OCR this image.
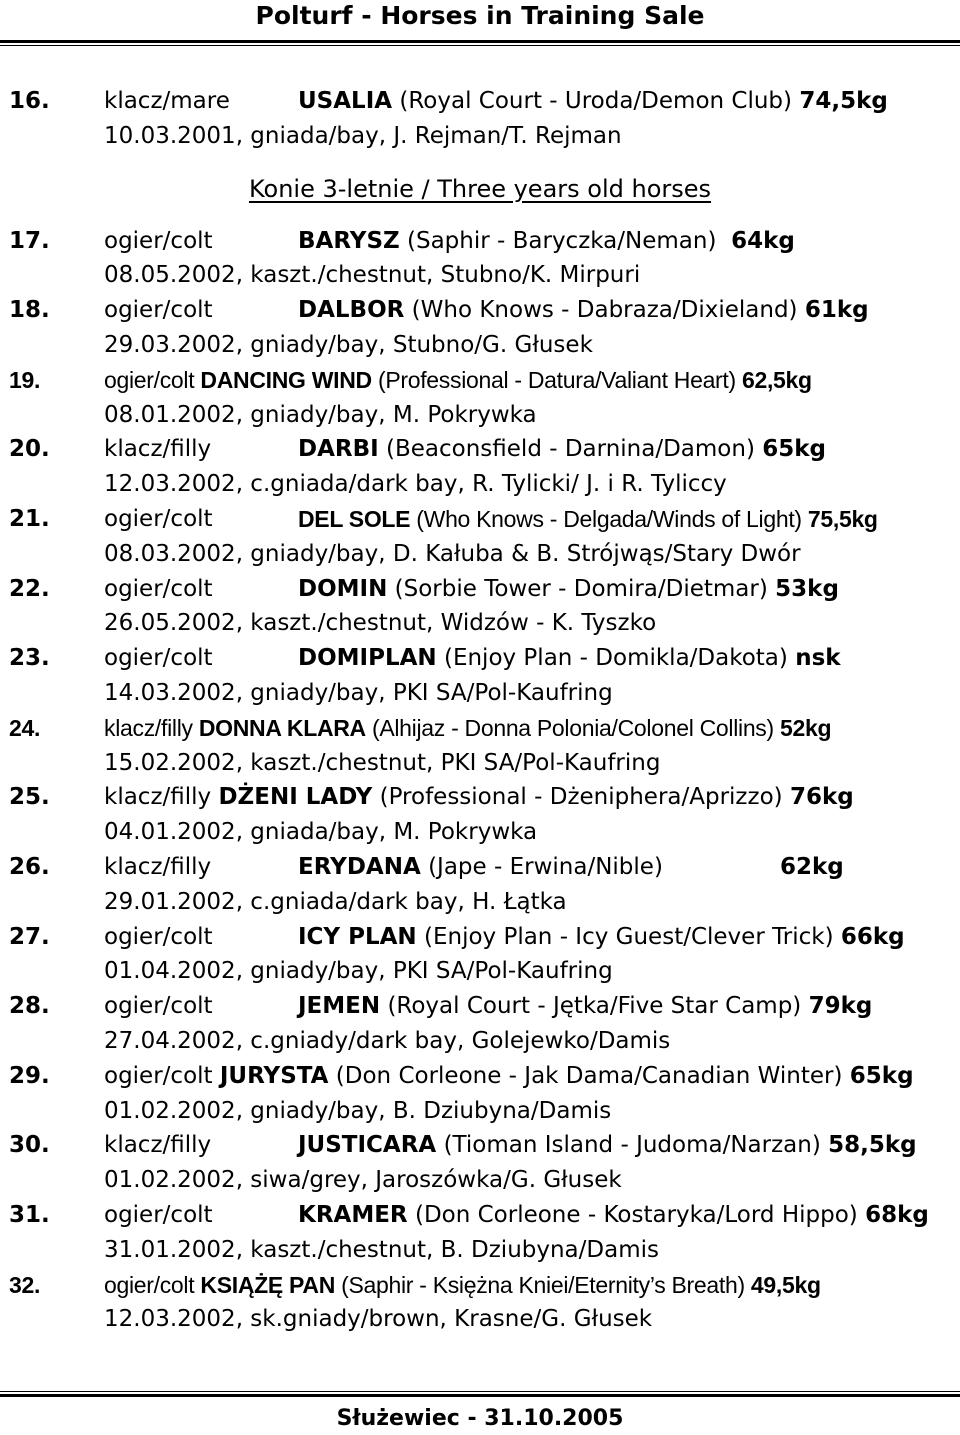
Polturf - Horses in Training Sale
16. klacz/mare	USALIA (Royal Court - Uroda/Demon Club) 74,5kg
10.03.2001, gniada/bay, J. Rejman/T. Rejman
Konie 3-letnie / Three years old horses
17. ogier/colt	BARYSZ (Saphir - Baryczka/Neman) 64kg
08.05.2002, kaszt./chestnut, Stubno/K. Mirpuri
18. ogier/colt	DALBOR (Who Knows - Dabraza/Dixieland) 61kg
29.03.2002, gniady/bay, Stubno/G. Głusek
19.	ogier/colt DANCING WIND (Professional - Datura/Valiant Heart) 62,5kg
08.01.2002, gniady/bay, M. Pokrywka
20. klacz/filly	DARBI (Beaconsfield - Darnina/Damon) 65kg
12.03.2002, c.gniada/dark bay, R. Tylicki/ J. i R. Tyliccy
21. ogier/colt	DEL SOLE (Who Knows - Delgada/Winds of Light) 75,5kg
08.03.2002, gniady/bay, D. Kałuba & B. Strójwąs/Stary Dwór
22. ogier/colt	DOMIN (Sorbie Tower - Domira/Dietmar) 53kg
26.05.2002, kaszt./chestnut, Widzów - K. Tyszko
23. ogier/colt	DOMIPLAN (Enjoy Plan - Domikla/Dakota) nsk
14.03.2002, gniady/bay, PKI SA/Pol-Kaufring
24.	klacz/filly DONNA KLARA (Alhijaz - Donna Polonia/Colonel Collins) 52kg
15.02.2002, kaszt./chestnut, PKI SA/Pol-Kaufring
25. klacz/filly DŻENI LADY (Professional - Dżeniphera/Aprizzo) 76kg
04.01.2002, gniada/bay, M. Pokrywka
26. klacz/filly	ERYDANA (Jape - Erwina/Nible)	62kg
29.01.2002, c.gniada/dark bay, H. Łątka
27. ogier/colt	ICY PLAN (Enjoy Plan - Icy Guest/Clever Trick) 66kg
01.04.2002, gniady/bay, PKI SA/Pol-Kaufring
28. ogier/colt	JEMEN (Royal Court - Jętka/Five Star Camp) 79kg
27.04.2002, c.gniady/dark bay, Golejewko/Damis
29. ogier/colt JURYSTA (Don Corleone - Jak Dama/Canadian Winter) 65kg
01.02.2002, gniady/bay, B. Dziubyna/Damis
30. klacz/filly	JUSTICARA (Tioman Island - Judoma/Narzan) 58,5kg
01.02.2002, siwa/grey, Jaroszówka/G. Głusek
31. ogier/colt	KRAMER (Don Corleone - Kostaryka/Lord Hippo) 68kg
31.01.2002, kaszt./chestnut, B. Dziubyna/Damis
32.	ogier/colt KSIĄŻĘ PAN (Saphir - Księżna Kniei/Eternity’s Breath) 49,5kg
12.03.2002, sk.gniady/brown, Krasne/G. Głusek
Służewiec - 31.10.2005
